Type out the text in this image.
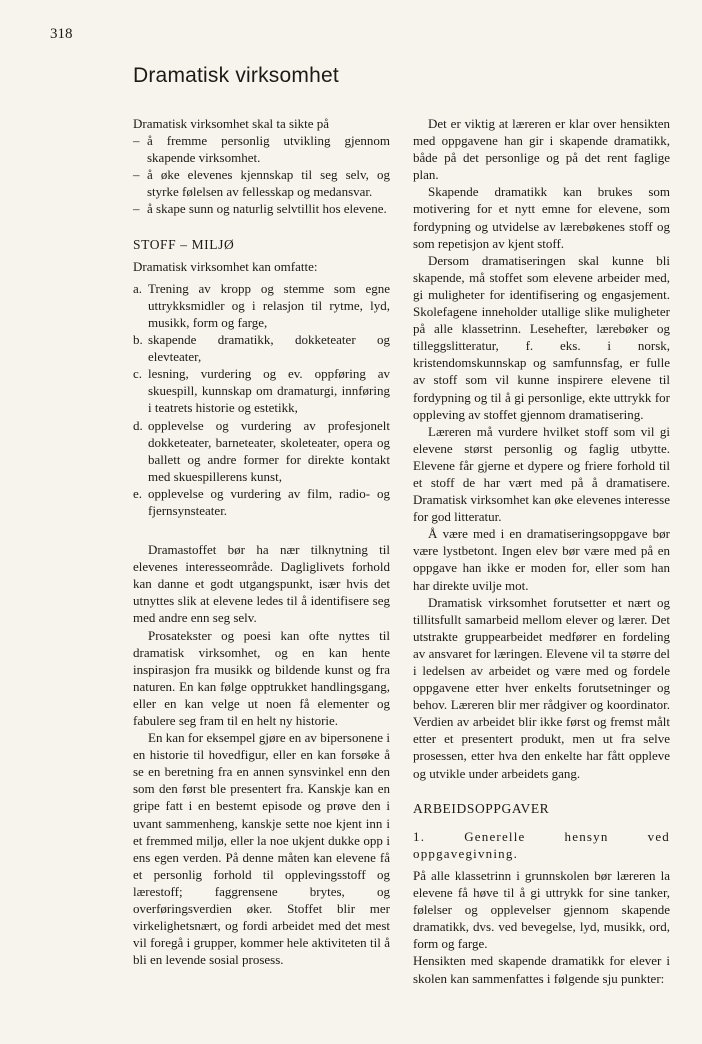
318
Dramatisk virksomhet

Dramatisk virksomhet skal ta sikte på

– å fremme personlig utvikling gjennom skapende virksomhet.
– å øke elevenes kjennskap til seg selv, og styrke følelsen av fellesskap og medansvar.
– å skape sunn og naturlig selvtillit hos elevene.
STOFF – MILJØ

Dramatisk virksomhet kan omfatte:

a. Trening av kropp og stemme som egne uttrykksmidler og i relasjon til rytme, lyd, musikk, form og farge,
b. skapende dramatikk, dokketeater og elevteater,
c. lesning, vurdering og ev. oppføring av skuespill, kunnskap om dramaturgi, innføring i teatrets historie og estetikk,
d. opplevelse og vurdering av profesjonelt dokketeater, barneteater, skoleteater, opera og ballett og andre former for direkte kontakt med skuespillerens kunst,
e. opplevelse og vurdering av film, radio- og fjernsynsteater.

Dramastoffet bør ha nær tilknytning til elevenes interesseområde. Dagliglivets forhold kan danne et godt utgangspunkt, især hvis det utnyttes slik at elevene ledes til å identifisere seg med andre enn seg selv.

Prosatekster og poesi kan ofte nyttes til dramatisk virksomhet, og en kan hente inspirasjon fra musikk og bildende kunst og fra naturen. En kan følge opptrukket handlingsgang, eller en kan velge ut noen få elementer og fabulere seg fram til en helt ny historie.

En kan for eksempel gjøre en av bipersonene i en historie til hovedfigur, eller en kan forsøke å se en beretning fra en annen synsvinkel enn den som den først ble presentert fra. Kanskje kan en gripe fatt i en bestemt episode og prøve den i uvant sammenheng, kanskje sette noe kjent inn i et fremmed miljø, eller la noe ukjent dukke opp i ens egen verden. På denne måten kan elevene få et personlig forhold til opplevingsstoff og lærestoff; faggrensene brytes, og overføringsverdien øker. Stoffet blir mer virkelighetsnært, og fordi arbeidet med det mest vil foregå i grupper, kommer hele aktiviteten til å bli en levende sosial prosess.

Det er viktig at læreren er klar over hensikten med oppgavene han gir i skapende dramatikk, både på det personlige og på det rent faglige plan.

Skapende dramatikk kan brukes som motivering for et nytt emne for elevene, som fordypning og utvidelse av lærebøkenes stoff og som repetisjon av kjent stoff.

Dersom dramatiseringen skal kunne bli skapende, må stoffet som elevene arbeider med, gi muligheter for identifisering og engasjement. Skolefagene inneholder utallige slike muligheter på alle klassetrinn. Lesehefter, lærebøker og tilleggslitteratur, f. eks. i norsk, kristendomskunnskap og samfunnsfag, er fulle av stoff som vil kunne inspirere elevene til fordypning og til å gi personlige, ekte uttrykk for oppleving av stoffet gjennom dramatisering.

Læreren må vurdere hvilket stoff som vil gi elevene størst personlig og faglig utbytte. Elevene får gjerne et dypere og friere forhold til et stoff de har vært med på å dramatisere. Dramatisk virksomhet kan øke elevenes interesse for god litteratur.

Å være med i en dramatiseringsoppgave bør være lystbetont. Ingen elev bør være med på en oppgave han ikke er moden for, eller som han har direkte uvilje mot.

Dramatisk virksomhet forutsetter et nært og tillitsfullt samarbeid mellom elever og lærer. Det utstrakte gruppearbeidet medfører en fordeling av ansvaret for læringen. Elevene vil ta større del i ledelsen av arbeidet og være med og fordele oppgavene etter hver enkelts forutsetninger og behov. Læreren blir mer rådgiver og koordinator. Verdien av arbeidet blir ikke først og fremst målt etter et presentert produkt, men ut fra selve prosessen, etter hva den enkelte har fått oppleve og utvikle under arbeidets gang.

ARBEIDSOPPGAVER

1. Generelle hensyn ved oppgavegivning.

På alle klassetrinn i grunnskolen bør læreren la elevene få høve til å gi uttrykk for sine tanker, følelser og opplevelser gjennom skapende dramatikk, dvs. ved bevegelse, lyd, musikk, ord, form og farge.

Hensikten med skapende dramatikk for elever i skolen kan sammenfattes i følgende sju punkter:
